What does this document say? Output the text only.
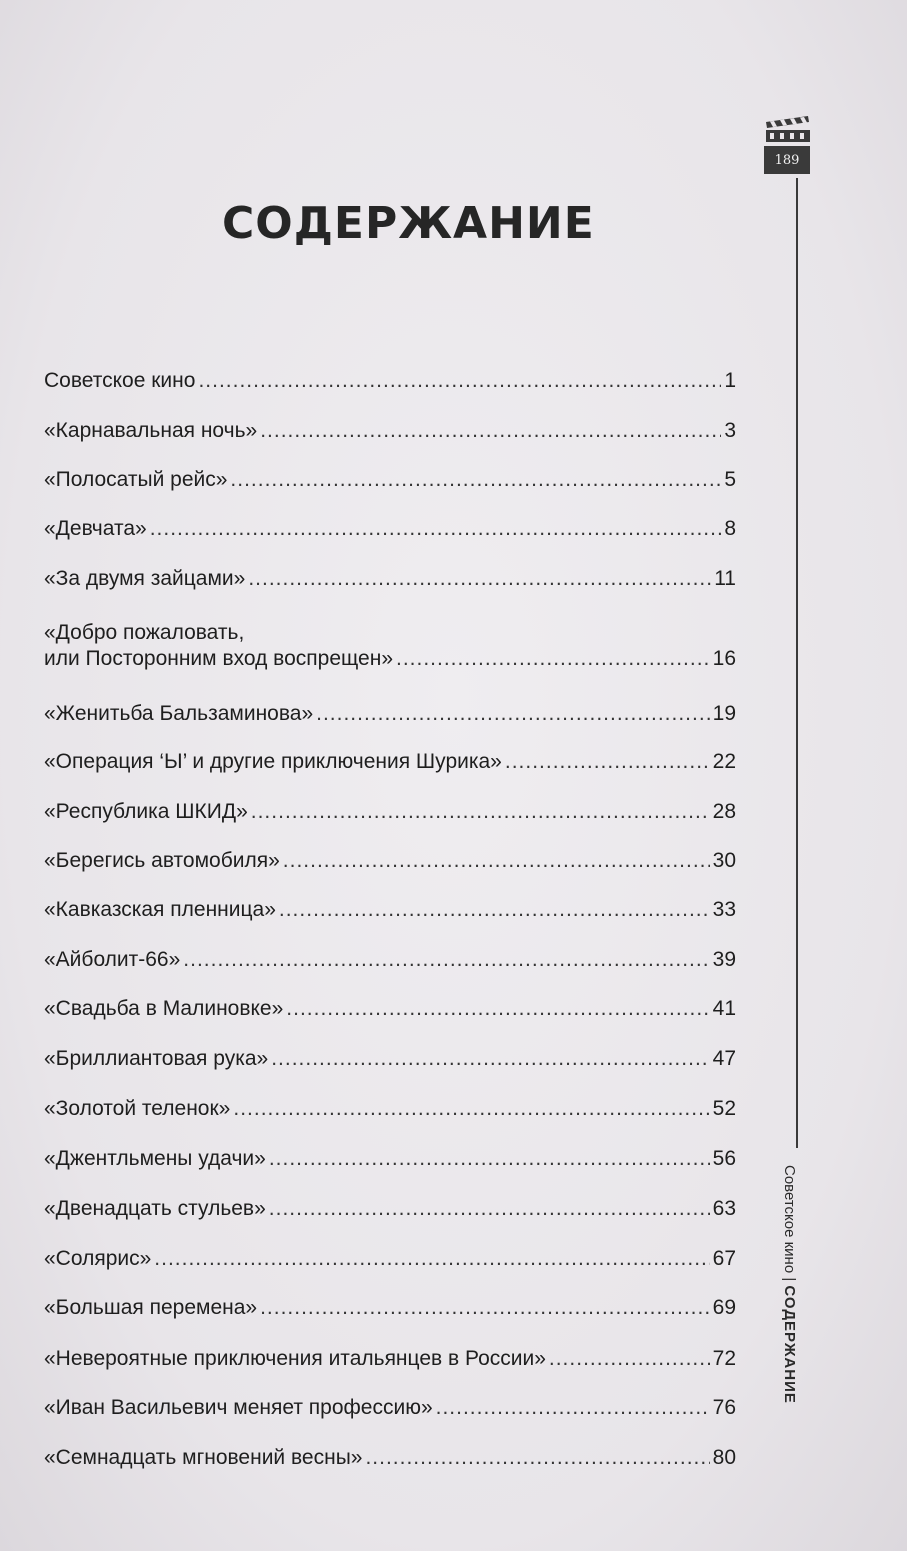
189
СОДЕРЖАНИЕ
Советское кино .....	1
«Карнавальная ночь» .....	3
«Полосатый рейс» .....	5
«Девчата» .....	8
«За двумя зайцами» .....	11
«Добро пожаловать,
или Посторонним вход воспрещен» .....	16
«Женитьба Бальзаминова» .....	19
«Операция ‘Ы’ и другие приключения Шурика» .....	22
«Республика ШКИД» .....	28
«Берегись автомобиля» .....	30
«Кавказская пленница» .....	33
«Айболит-66» .....	39
«Свадьба в Малиновке» .....	41
«Бриллиантовая рука» .....	47
«Золотой теленок» .....	52
«Джентльмены удачи» .....	56
«Двенадцать стульев» .....	63
«Солярис» .....	67
«Большая перемена» .....	69
«Невероятные приключения итальянцев в России» .....	72
«Иван Васильевич меняет профессию» .....	76
«Семнадцать мгновений весны» .....	80
Советское кино | СОДЕРЖАНИЕ
